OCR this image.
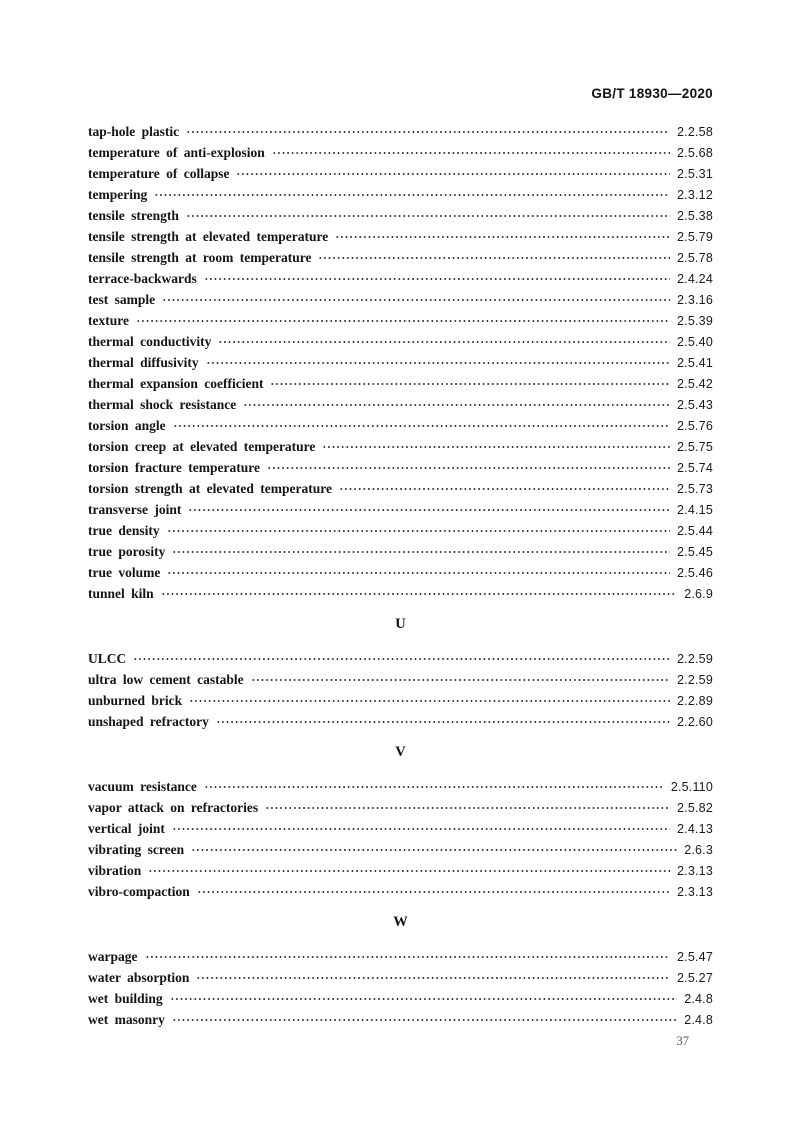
GB/T 18930—2020
tap-hole plastic	2.2.58
temperature of anti-explosion	2.5.68
temperature of collapse	2.5.31
tempering	2.3.12
tensile strength	2.5.38
tensile strength at elevated temperature	2.5.79
tensile strength at room temperature	2.5.78
terrace-backwards	2.4.24
test sample	2.3.16
texture	2.5.39
thermal conductivity	2.5.40
thermal diffusivity	2.5.41
thermal expansion coefficient	2.5.42
thermal shock resistance	2.5.43
torsion angle	2.5.76
torsion creep at elevated temperature	2.5.75
torsion fracture temperature	2.5.74
torsion strength at elevated temperature	2.5.73
transverse joint	2.4.15
true density	2.5.44
true porosity	2.5.45
true volume	2.5.46
tunnel kiln	2.6.9
U
ULCC	2.2.59
ultra low cement castable	2.2.59
unburned brick	2.2.89
unshaped refractory	2.2.60
V
vacuum resistance	2.5.110
vapor attack on refractories	2.5.82
vertical joint	2.4.13
vibrating screen	2.6.3
vibration	2.3.13
vibro-compaction	2.3.13
W
warpage	2.5.47
water absorption	2.5.27
wet building	2.4.8
wet masonry	2.4.8
37
